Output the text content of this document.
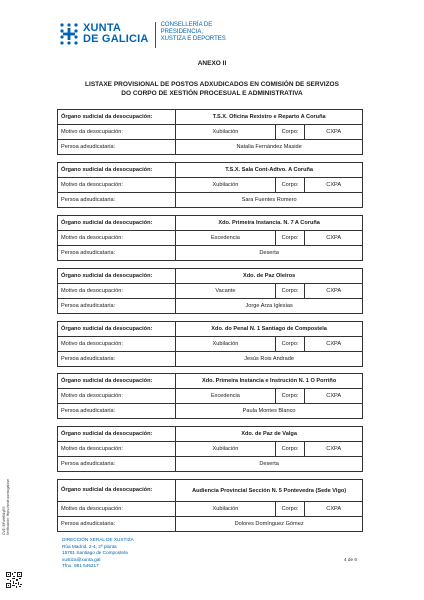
XUNTA
DE GALICIA
CONSELLERÍA DE
PRESIDENCIA,
XUSTIZA E DEPORTES
ANEXO II
LISTAXE PROVISIONAL DE POSTOS ADXUDICADOS EN COMISIÓN DE SERVIZOS
DO CORPO DE XESTIÓN PROCESUAL E ADMINISTRATIVA
Órgano xudicial da desocupación:	T.S.X. Oficina Rexistro e Reparto A Coruña
Motivo da desocupación:	Xubilación	Corpo:	CXPA
Persoa adxudicataria:	Natalia Fernández Maside
Órgano xudicial da desocupación:	T.S.X. Sala Cont-Adtvo. A Coruña
Motivo da desocupación:	Xubilación	Corpo:	CXPA
Persoa adxudicataria:	Sara Fuentes Romero
Órgano xudicial da desocupación:	Xdo. Primeira Instancia. N. 7 A Coruña
Motivo da desocupación:	Excedencia	Corpo:	CXPA
Persoa adxudicataria:	Deserta
Órgano xudicial da desocupación:	Xdo. de Paz Oleiros
Motivo da desocupación:	Vacante	Corpo:	CXPA
Persoa adxudicataria:	Jorge Arza Iglesias
Órgano xudicial da desocupación:	Xdo. do Penal N. 1 Santiago de Compostela
Motivo da desocupación:	Xubilación	Corpo:	CXPA
Persoa adxudicataria:	Jesús Rois Andrade
Órgano xudicial da desocupación:	Xdo. Primeira Instancia e Instrución N. 1 O Porriño
Motivo da desocupación:	Excedencia	Corpo:	CXPA
Persoa adxudicataria:	Paula Montes Blanco
Órgano xudicial da desocupación:	Xdo. de Paz de Valga
Motivo da desocupación:	Xubilación	Corpo:	CXPA
Persoa adxudicataria:	Deserta
Órgano xudicial da desocupación:	Audiencia Provincial Sección N. 5 Pontevedra (Sede Vigo)
Motivo da desocupación:	Xubilación	Corpo:	CXPA
Persoa adxudicataria:	Dolores Domínguez Gómez
DIRECCIÓN XERAL DE XUSTIZA
Rúa Madrid, 2-4, 2ª planta
15781 Santiago de Compostela
xustiza@xunta.gal
Tfno. 981 546217
4 de 6
CVE: BPuhH0LyR3 Verificación: https://sede.xunta.gal/cve
